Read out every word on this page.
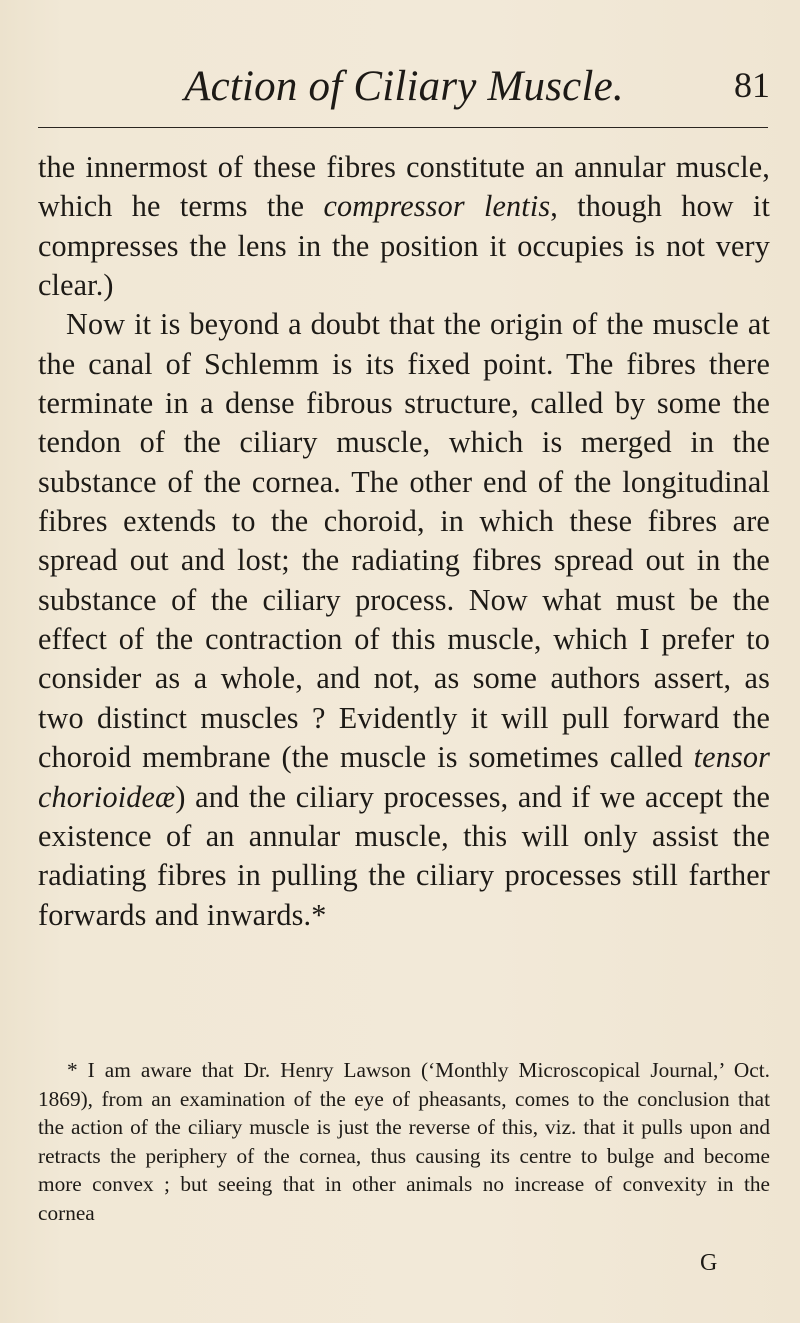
Action of Ciliary Muscle.	81

the innermost of these fibres constitute an annular muscle, which he terms the compressor lentis, though how it compresses the lens in the position it occupies is not very clear.)

Now it is beyond a doubt that the origin of the muscle at the canal of Schlemm is its fixed point. The fibres there terminate in a dense fibrous structure, called by some the tendon of the ciliary muscle, which is merged in the substance of the cornea. The other end of the longitudinal fibres extends to the choroid, in which these fibres are spread out and lost; the radiating fibres spread out in the substance of the ciliary process. Now what must be the effect of the contraction of this muscle, which I prefer to consider as a whole, and not, as some authors assert, as two distinct muscles ? Evidently it will pull forward the choroid membrane (the muscle is sometimes called tensor chorioideæ) and the ciliary processes, and if we accept the existence of an annular muscle, this will only assist the radiating fibres in pulling the ciliary processes still farther forwards and inwards.*

* I am aware that Dr. Henry Lawson (‘Monthly Microscopical Journal,’ Oct. 1869), from an examination of the eye of pheasants, comes to the conclusion that the action of the ciliary muscle is just the reverse of this, viz. that it pulls upon and retracts the periphery of the cornea, thus causing its centre to bulge and become more convex ; but seeing that in other animals no increase of convexity in the cornea
G
